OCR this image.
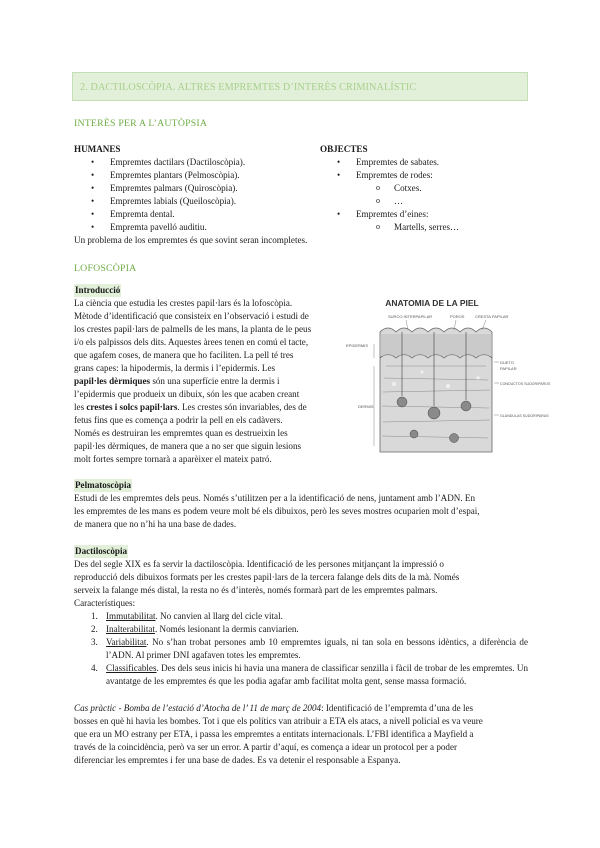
2. DACTILOSCÒPIA. ALTRES EMPREMTES D’INTERÈS CRIMINALÍSTIC
INTERÈS PER A L’AUTÒPSIA
HUMANES
• Empremtes dactilars (Dactiloscòpia).
• Empremtes plantars (Pelmoscòpia).
• Empremtes palmars (Quiroscòpia).
• Empremtes labials (Queiloscòpia).
• Empremta dental.
• Empremta pavelló auditiu.
OBJECTES
• Empremtes de sabates.
• Empremtes de rodes:
o Cotxes.
o …
• Empremtes d’eines:
o Martells, serres…
Un problema de los empremtes és que sovint seran incompletes.
LOFOSCÒPIA
Introducció

La ciència que estudia les crestes papil·lars és la lofoscòpia.

Mètode d’identificació que consisteix en l’observació i estudi de

los crestes papil·lars de palmells de les mans, la planta de le peus

i/o els palpissos dels dits. Aquestes àrees tenen en comú el tacte,

que agafem coses, de manera que ho faciliten. La pell té tres

grans capes: la hipodermis, la dermis i l’epidermis. Les

papil·les dèrmiques són una superfície entre la dermis i

l’epidermis que produeix un dibuix, són les que acaben creant

les crestes i solcs papil·lars. Les crestes són invariables, des de

fetus fins que es comença a podrir la pell en els cadàvers.

Només es destruiran les empremtes quan es destrueixin les

papil·les dèrmiques, de manera que a no ser que siguin lesions

molt fortes sempre tornarà a aparèixer el mateix patró.

ANATOMIA DE LA PIEL
SURCO INTERPAPILAR	POROS	CRESTA PAPILAR
EPIDERMIS
DERMIS
DUETO
PAPILAR
CONDUCTOS SUDORIPAROS
GLANDULAS SUDORIPARAS
Pelmatoscòpia

Estudi de les empremtes dels peus. Només s’utilitzen per a la identificació de nens, juntament amb l’ADN. En

les empremtes de les mans es podem veure molt bé els dibuixos, però les seves mostres ocuparien molt d’espai,

de manera que no n’hi ha una base de dades.

Dactiloscòpia

Des del segle XIX es fa servir la dactiloscòpia. Identificació de les persones mitjançant la impressió o

reproducció dels dibuixos formats per les crestes papil·lars de la tercera falange dels dits de la mà. Només

serveix la falange més distal, la resta no és d’interès, només formarà part de les empremtes palmars.

Característiques:

1. Immutabilitat. No canvien al llarg del cicle vital.
2. Inalterabilitat. Només lesionant la dermis canviarien.
3. Variabilitat. No s’han trobat persones amb 10 empremtes iguals, ni tan sola en bessons idèntics, a diferència de l’ADN. Al primer DNI agafaven totes les empremtes.
4. Classificables. Des dels seus inicis hi havia una manera de classificar senzilla i fàcil de trobar de les empremtes. Un avantatge de les empremtes és que les podia agafar amb facilitat molta gent, sense massa formació.

Cas pràctic - Bomba de l’estació d’Atocha de l’ 11 de març de 2004: Identificació de l’empremta d’una de les

bosses en què hi havia les bombes. Tot i que els polítics van atribuir a ETA els atacs, a nivell policial es va veure

que era un MO estrany per ETA, i passa les empremtes a entitats internacionals. L’FBI identifica a Mayfield a

través de la coincidència, però va ser un error. A partir d’aquí, es comença a idear un protocol per a poder

diferenciar les empremtes i fer una base de dades. Es va detenir el responsable a Espanya.
